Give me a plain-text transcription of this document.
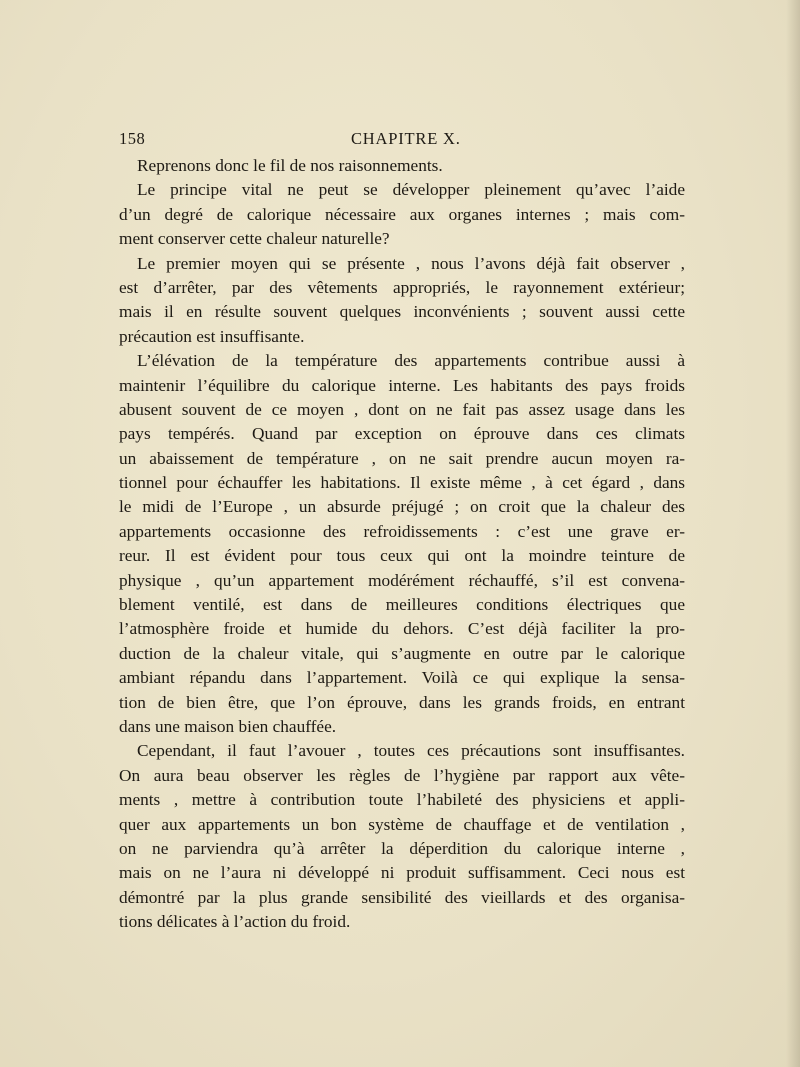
158	CHAPITRE X.
Reprenons donc le fil de nos raisonnements.
Le principe vital ne peut se développer pleinement qu’avec l’aide
d’un degré de calorique nécessaire aux organes internes ; mais com-
ment conserver cette chaleur naturelle?
Le premier moyen qui se présente , nous l’avons déjà fait observer ,
est d’arrêter, par des vêtements appropriés, le rayonnement extérieur;
mais il en résulte souvent quelques inconvénients ; souvent aussi cette
précaution est insuffisante.
L’élévation de la température des appartements contribue aussi à
maintenir l’équilibre du calorique interne. Les habitants des pays froids
abusent souvent de ce moyen , dont on ne fait pas assez usage dans les
pays tempérés. Quand par exception on éprouve dans ces climats
un abaissement de température , on ne sait prendre aucun moyen ra-
tionnel pour échauffer les habitations. Il existe même , à cet égard , dans
le midi de l’Europe , un absurde préjugé ; on croit que la chaleur des
appartements occasionne des refroidissements : c’est une grave er-
reur. Il est évident pour tous ceux qui ont la moindre teinture de
physique , qu’un appartement modérément réchauffé, s’il est convena-
blement ventilé, est dans de meilleures conditions électriques que
l’atmosphère froide et humide du dehors. C’est déjà faciliter la pro-
duction de la chaleur vitale, qui s’augmente en outre par le calorique
ambiant répandu dans l’appartement. Voilà ce qui explique la sensa-
tion de bien être, que l’on éprouve, dans les grands froids, en entrant
dans une maison bien chauffée.
Cependant, il faut l’avouer , toutes ces précautions sont insuffisantes.
On aura beau observer les règles de l’hygiène par rapport aux vête-
ments , mettre à contribution toute l’habileté des physiciens et appli-
quer aux appartements un bon système de chauffage et de ventilation ,
on ne parviendra qu’à arrêter la déperdition du calorique interne ,
mais on ne l’aura ni développé ni produit suffisamment. Ceci nous est
démontré par la plus grande sensibilité des vieillards et des organisa-
tions délicates à l’action du froid.
